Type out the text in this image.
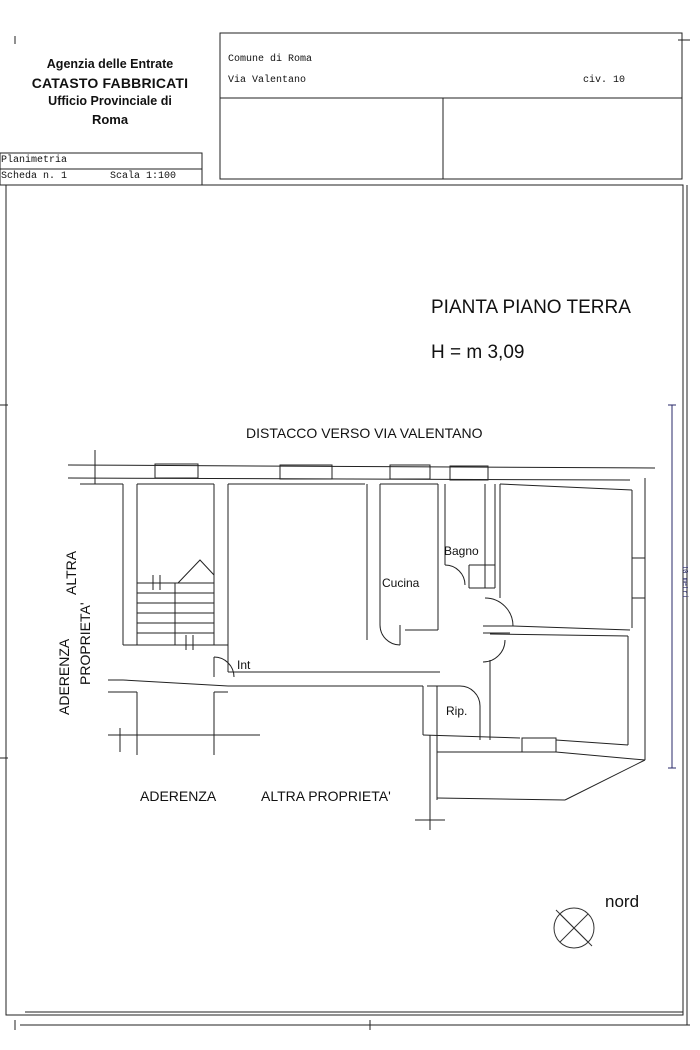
Agenzia delle Entrate
CATASTO FABBRICATI
Ufficio Provinciale di
Roma
Comune di Roma
Via Valentano	civ. 10
Planimetria
Scheda n. 1	Scala 1:100
PIANTA PIANO TERRA
H = m 3,09
DISTACCO VERSO VIA VALENTANO
ALTRA
PROPRIETA'
ADERENZA
ADERENZA	ALTRA PROPRIETA'
Bagno
Cucina
Int
Rip.
10 metri
nord
